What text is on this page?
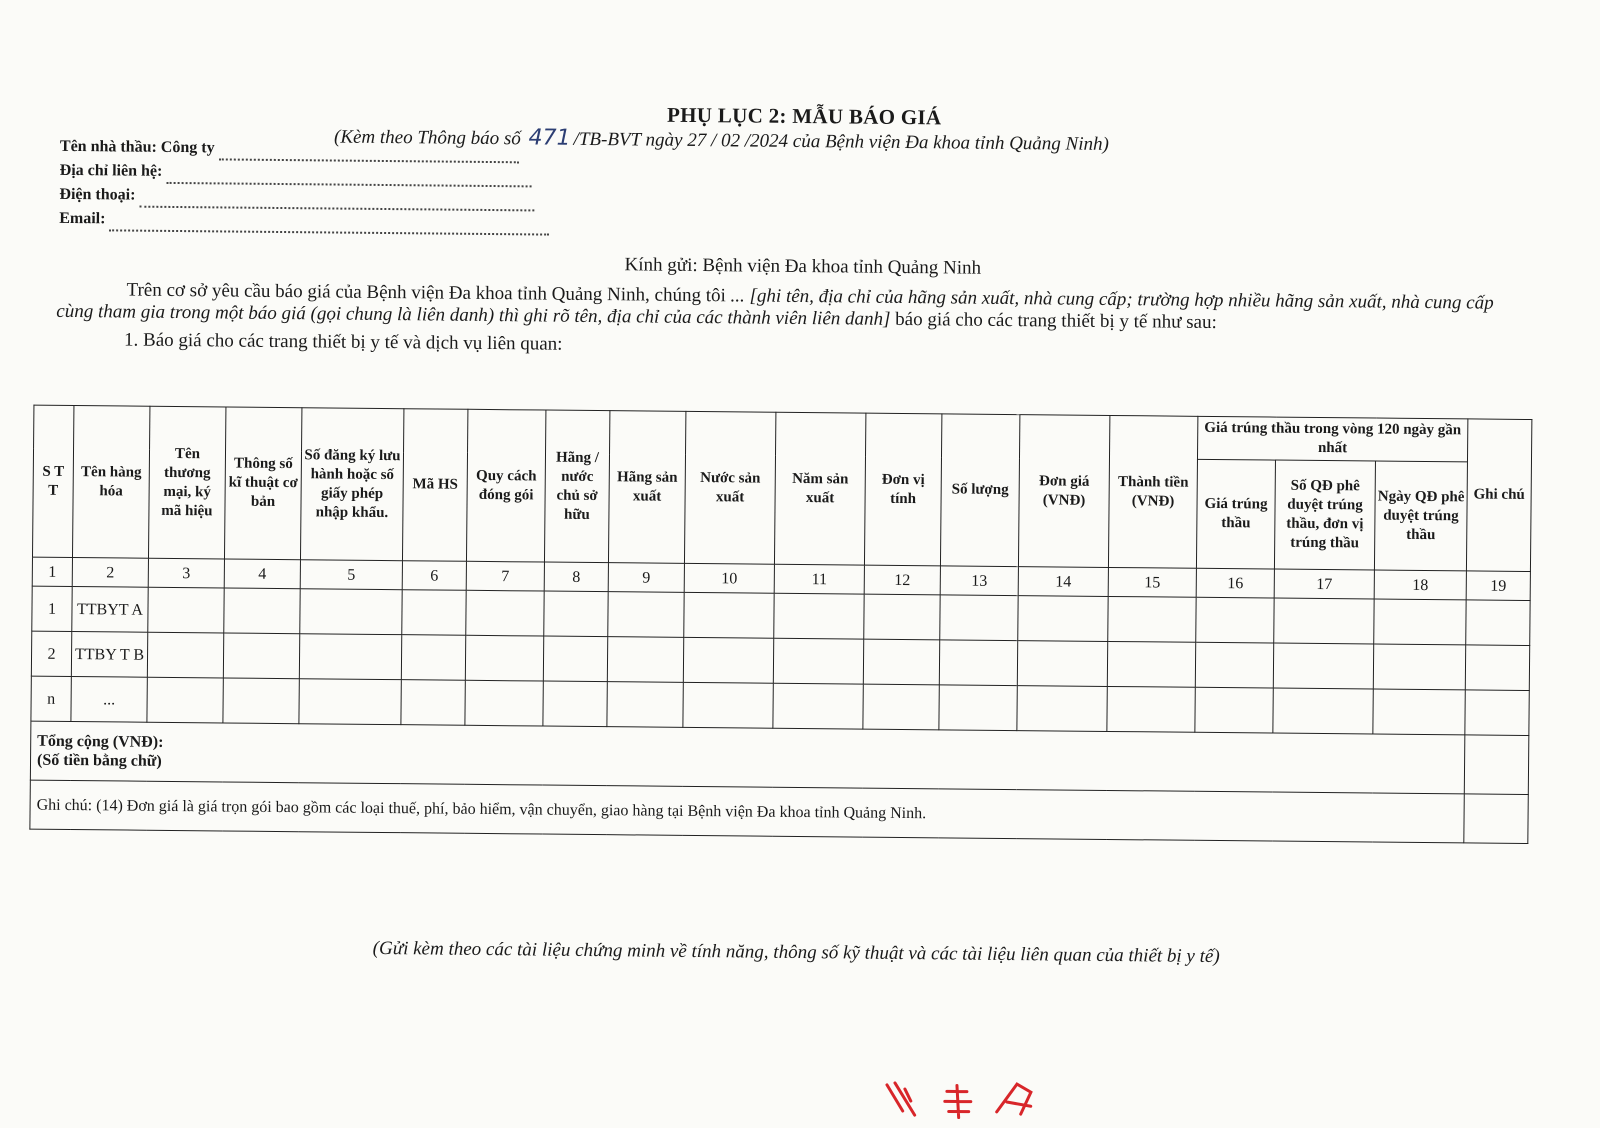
PHỤ LỤC 2: MẪU BÁO GIÁ
(Kèm theo Thông báo số 471 /TB-BVT ngày 27 / 02 /2024 của Bệnh viện Đa khoa tỉnh Quảng Ninh)
Tên nhà thầu: Công ty
Địa chỉ liên hệ:
Điện thoại:
Email:
Kính gửi: Bệnh viện Đa khoa tỉnh Quảng Ninh

Trên cơ sở yêu cầu báo giá của Bệnh viện Đa khoa tỉnh Quảng Ninh, chúng tôi ... [ghi tên, địa chỉ của hãng sản xuất, nhà cung cấp; trường hợp nhiều hãng sản xuất, nhà cung cấp cùng tham gia trong một báo giá (gọi chung là liên danh) thì ghi rõ tên, địa chỉ của các thành viên liên danh] báo giá cho các trang thiết bị y tế như sau:

1. Báo giá cho các trang thiết bị y tế và dịch vụ liên quan:

S T T	Tên hàng hóa	Tên thương mại, ký mã hiệu	Thông số kĩ thuật cơ bản	Số đăng ký lưu hành hoặc số giấy phép nhập khẩu.	Mã HS	Quy cách đóng gói	Hãng / nước chủ sở hữu	Hãng sản xuất	Nước sản xuất	Năm sản xuất	Đơn vị tính	Số lượng	Đơn giá (VNĐ)	Thành tiền (VNĐ)	Giá trúng thầu trong vòng 120 ngày gần nhất			Ghi chú
															Giá trúng thầu	Số QĐ phê duyệt trúng thầu, đơn vị trúng thầu	Ngày QĐ phê duyệt trúng thầu	
1	2	3	4	5	6	7	8	9	10	11	12	13	14	15	16	17	18	19
1	TTBYT A																	
2	TTBY T B																	
n	...																	

Tổng cộng (VNĐ):
(Số tiền bằng chữ)																		

Ghi chú: (14) Đơn giá là giá trọn gói bao gồm các loại thuế, phí, bảo hiểm, vận chuyển, giao hàng tại Bệnh viện Đa khoa tỉnh Quảng Ninh.																		
(Gửi kèm theo các tài liệu chứng minh về tính năng, thông số kỹ thuật và các tài liệu liên quan của thiết bị y tế)
